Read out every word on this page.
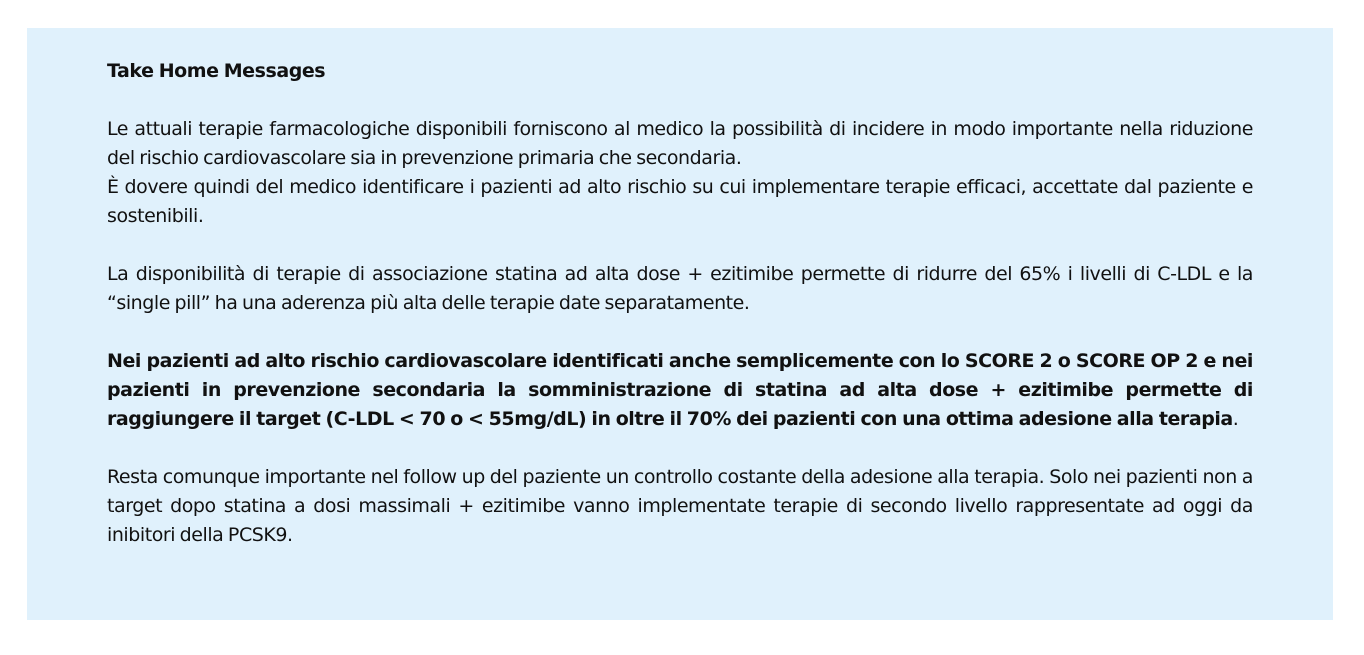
Take Home Messages

Le attuali terapie farmacologiche disponibili forniscono al medico la possibilità di incidere in modo importante nella riduzione del rischio cardiovascolare sia in prevenzione primaria che secondaria.
È dovere quindi del medico identificare i pazienti ad alto rischio su cui implementare terapie efficaci, accettate dal paziente e sostenibili.

La disponibilità di terapie di associazione statina ad alta dose + ezitimibe permette di ridurre del 65% i livelli di C-LDL e la “single pill” ha una aderenza più alta delle terapie date separatamente.

Nei pazienti ad alto rischio cardiovascolare identificati anche semplicemente con lo SCORE 2 o SCORE OP 2 e nei pazienti in prevenzione secondaria la somministrazione di statina ad alta dose + ezitimibe permette di raggiungere il target (C-LDL < 70 o < 55mg/dL) in oltre il 70% dei pazienti con una ottima adesione alla terapia.

Resta comunque importante nel follow up del paziente un controllo costante della adesione alla terapia. Solo nei pazienti non a target dopo statina a dosi massimali + ezitimibe vanno implementate terapie di secondo livello rappresentate ad oggi da inibitori della PCSK9.
